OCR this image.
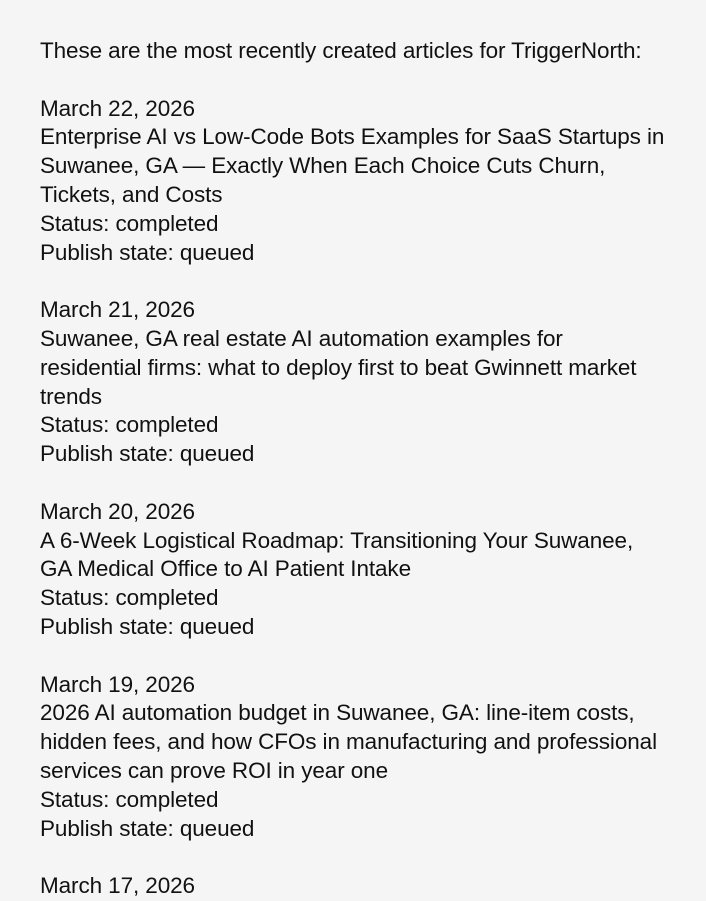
These are the most recently created articles for TriggerNorth:
March 22, 2026
Enterprise AI vs Low-Code Bots Examples for SaaS Startups in Suwanee, GA — Exactly When Each Choice Cuts Churn, Tickets, and Costs
Status: completed
Publish state: queued
March 21, 2026
Suwanee, GA real estate AI automation examples for residential firms: what to deploy first to beat Gwinnett market trends
Status: completed
Publish state: queued
March 20, 2026
A 6-Week Logistical Roadmap: Transitioning Your Suwanee, GA Medical Office to AI Patient Intake
Status: completed
Publish state: queued
March 19, 2026
2026 AI automation budget in Suwanee, GA: line-item costs, hidden fees, and how CFOs in manufacturing and professional services can prove ROI in year one
Status: completed
Publish state: queued
March 17, 2026
